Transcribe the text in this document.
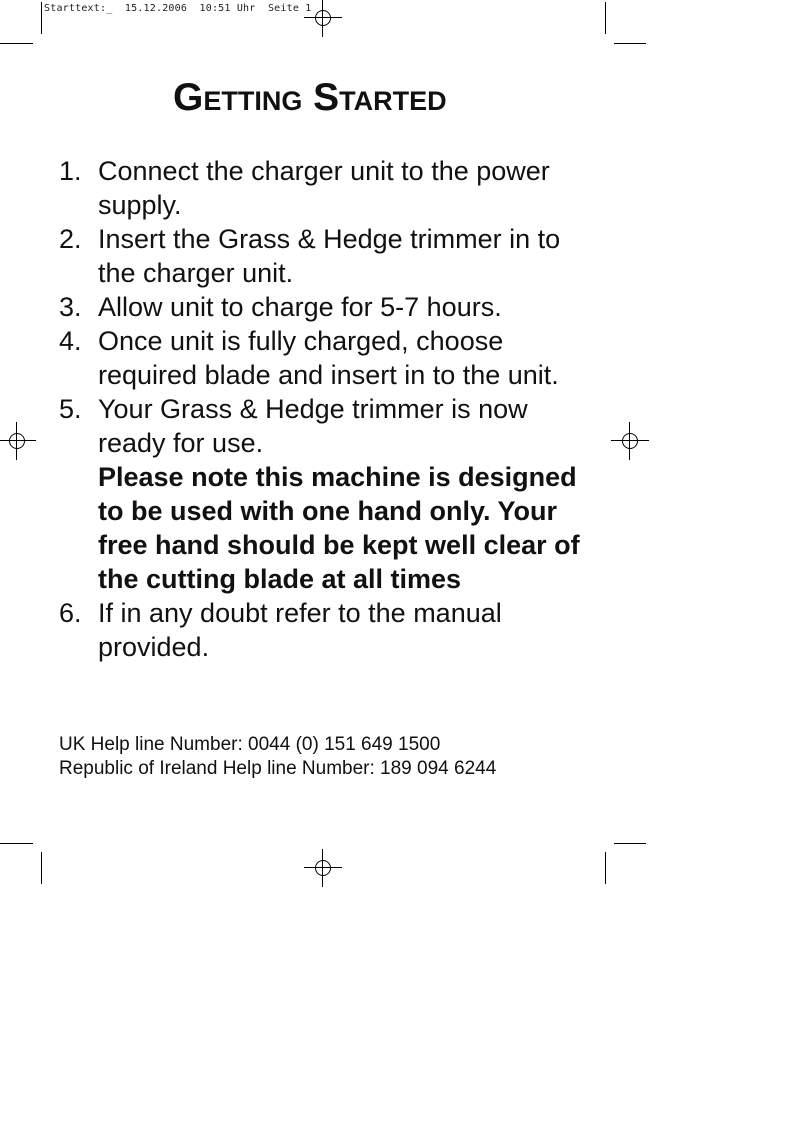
Starttext:_  15.12.2006  10:51 Uhr  Seite 1
Getting Started
1. Connect the charger unit to the power supply.
2. Insert the Grass & Hedge trimmer in to the charger unit.
3. Allow unit to charge for 5-7 hours.
4. Once unit is fully charged, choose required blade and insert in to the unit.
5. Your Grass & Hedge trimmer is now ready for use.
Please note this machine is designed to be used with one hand only. Your free hand should be kept well clear of the cutting blade at all times
6. If in any doubt refer to the manual provided.
UK Help line Number: 0044 (0) 151 649 1500
Republic of Ireland Help line Number: 189 094 6244
